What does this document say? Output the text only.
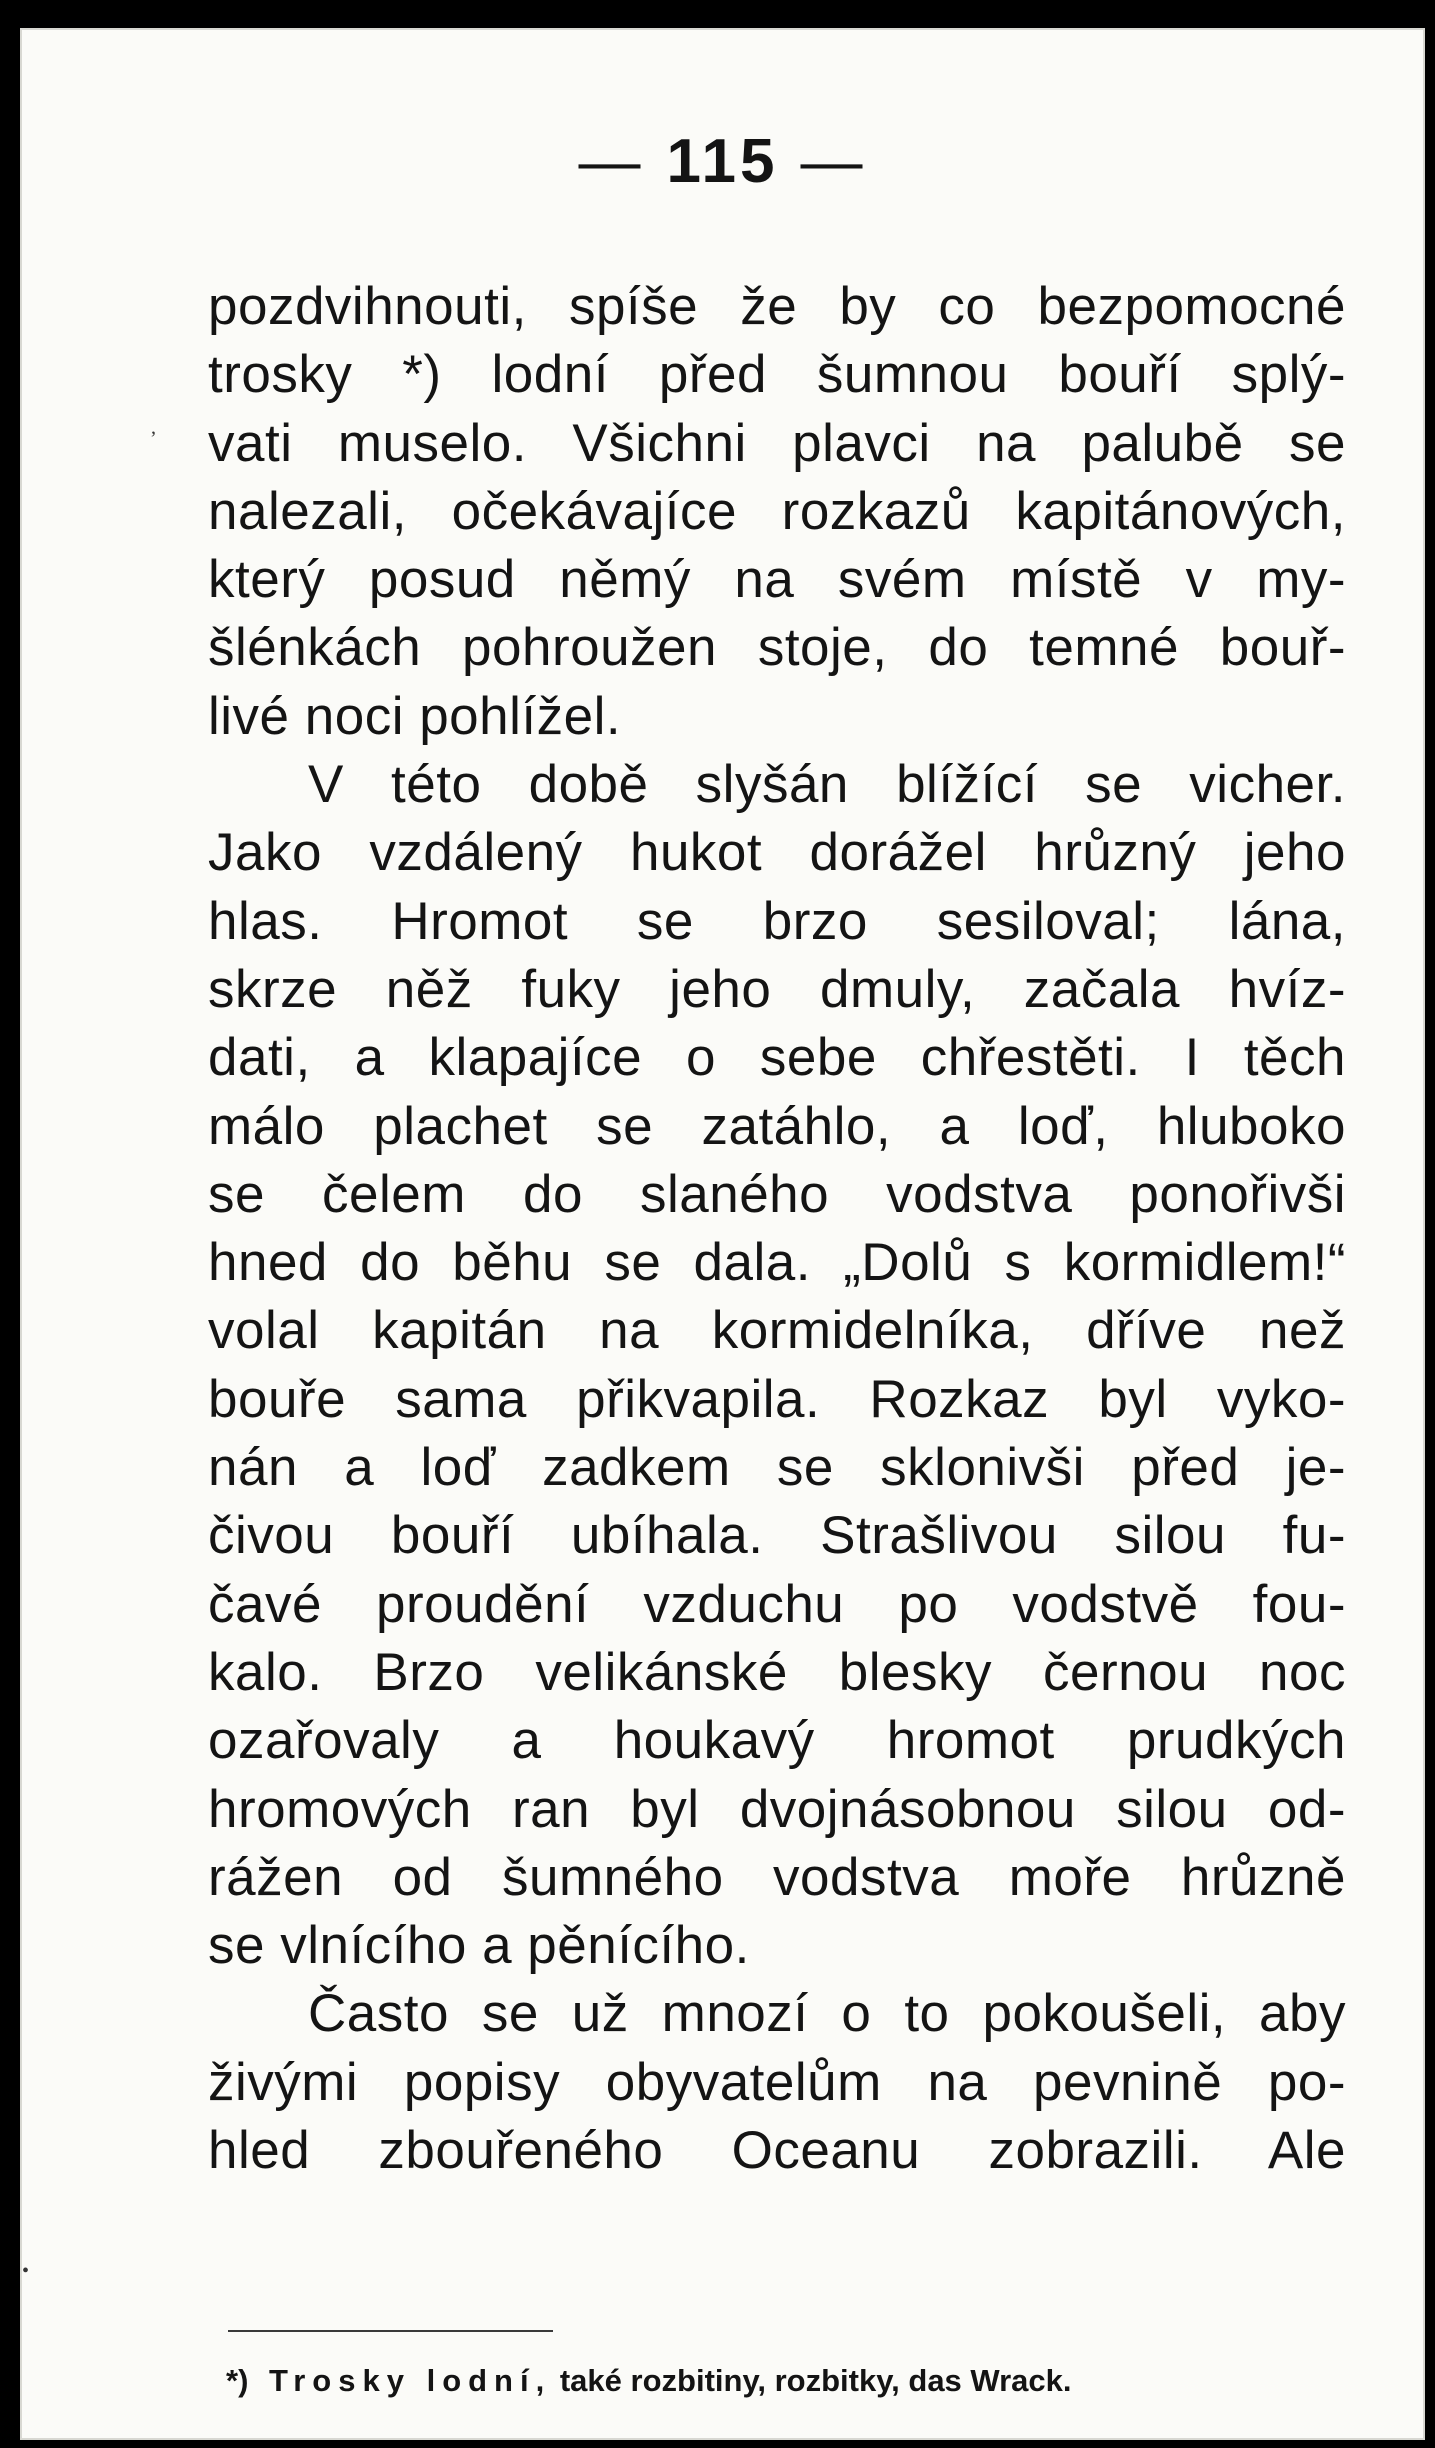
— 115 —
pozdvihnouti, spíše že by co bezpomocné
trosky *) lodní před šumnou bouří splý-
vati muselo. Všichni plavci na palubě se
nalezali, očekávajíce rozkazů kapitánových,
který posud němý na svém místě v my-
šlénkách pohroužen stoje, do temné bouř-
livé noci pohlížel.
V této době slyšán blížící se vicher.
Jako vzdálený hukot dorážel hrůzný jeho
hlas. Hromot se brzo sesiloval; lána,
skrze něž fuky jeho dmuly, začala hvíz-
dati, a klapajíce o sebe chřestěti. I těch
málo plachet se zatáhlo, a loď, hluboko
se čelem do slaného vodstva ponořivši
hned do běhu se dala. „Dolů s kormidlem!“
volal kapitán na kormidelníka, dříve než
bouře sama přikvapila. Rozkaz byl vyko-
nán a loď zadkem se sklonivši před je-
čivou bouří ubíhala. Strašlivou silou fu-
čavé proudění vzduchu po vodstvě fou-
kalo. Brzo velikánské blesky černou noc
ozařovaly a houkavý hromot prudkých
hromových ran byl dvojnásobnou silou od-
rážen od šumného vodstva moře hrůzně
se vlnícího a pěnícího.
Často se už mnozí o to pokoušeli, aby
živými popisy obyvatelům na pevnině po-
hled zbouřeného Oceanu zobrazili. Ale
ʼ
•
*) Trosky lodní, také rozbitiny, rozbitky, das Wrack.
